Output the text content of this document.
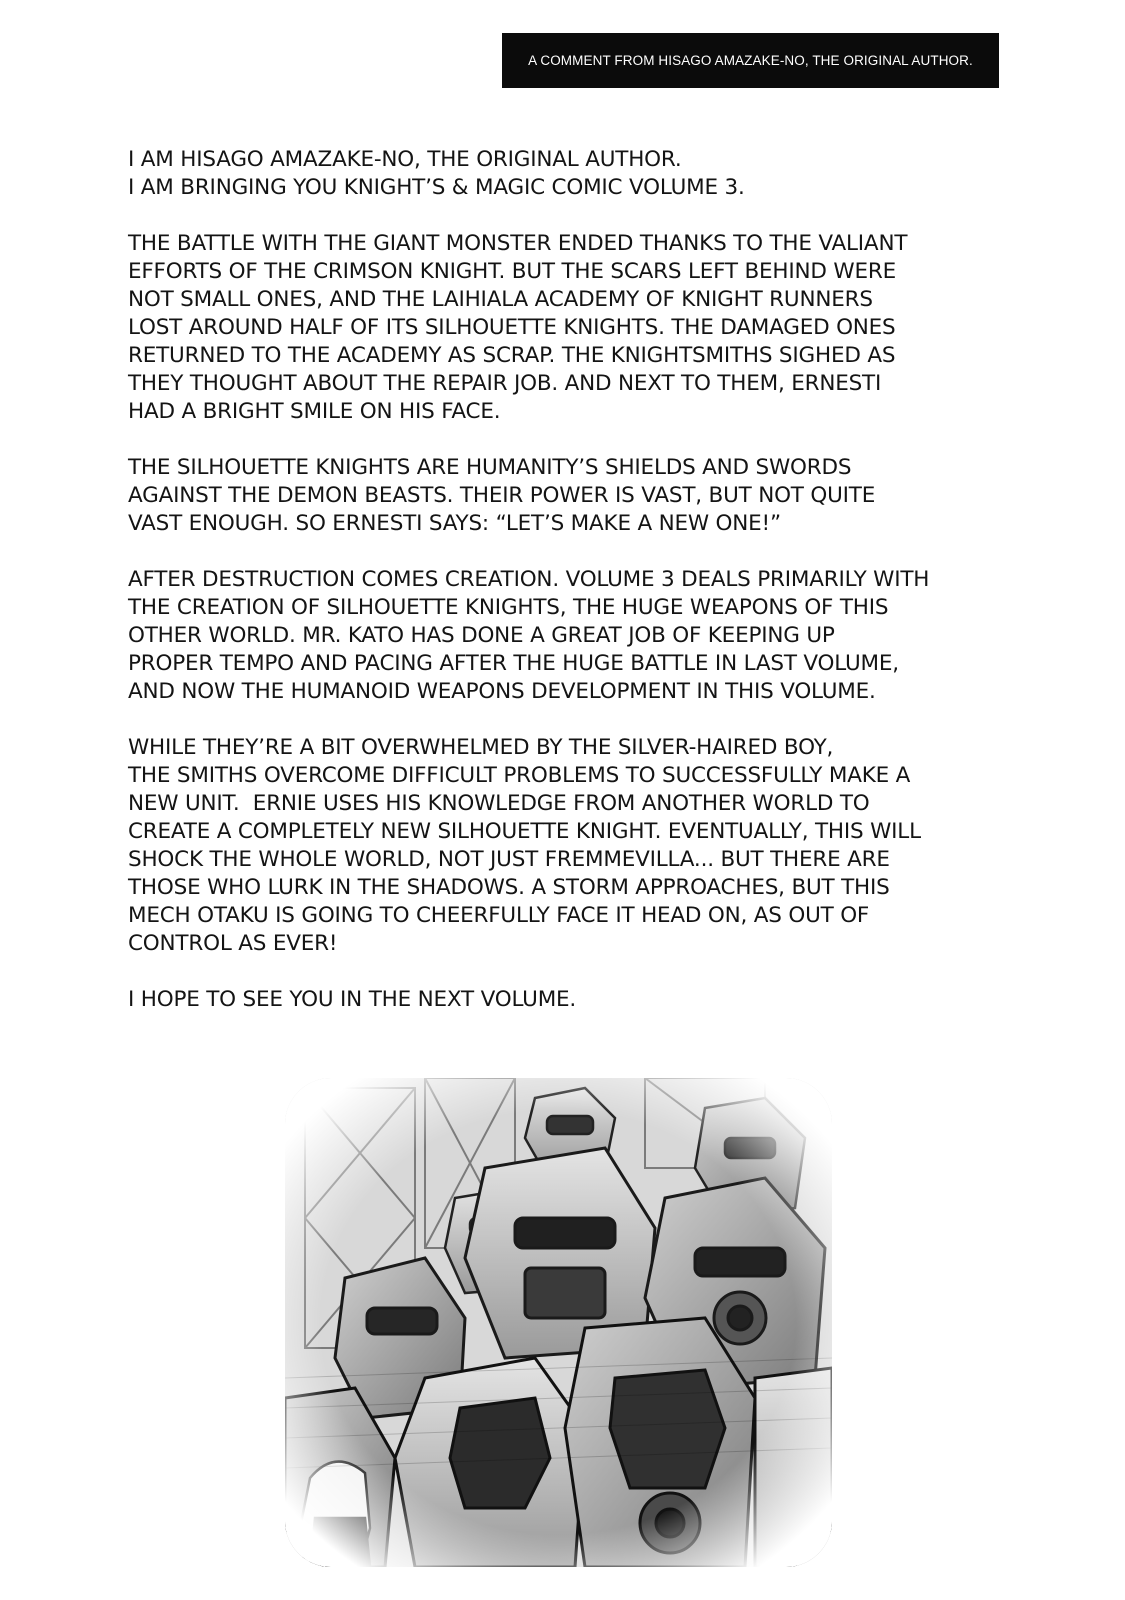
A COMMENT FROM HISAGO AMAZAKE-NO, THE ORIGINAL AUTHOR.
I AM HISAGO AMAZAKE-NO, THE ORIGINAL AUTHOR.
I AM BRINGING YOU KNIGHT’S & MAGIC COMIC VOLUME 3.
THE BATTLE WITH THE GIANT MONSTER ENDED THANKS TO THE VALIANT
EFFORTS OF THE CRIMSON KNIGHT. BUT THE SCARS LEFT BEHIND WERE
NOT SMALL ONES, AND THE LAIHIALA ACADEMY OF KNIGHT RUNNERS
LOST AROUND HALF OF ITS SILHOUETTE KNIGHTS. THE DAMAGED ONES
RETURNED TO THE ACADEMY AS SCRAP. THE KNIGHTSMITHS SIGHED AS
THEY THOUGHT ABOUT THE REPAIR JOB. AND NEXT TO THEM, ERNESTI
HAD A BRIGHT SMILE ON HIS FACE.
THE SILHOUETTE KNIGHTS ARE HUMANITY’S SHIELDS AND SWORDS
AGAINST THE DEMON BEASTS. THEIR POWER IS VAST, BUT NOT QUITE
VAST ENOUGH. SO ERNESTI SAYS: “LET’S MAKE A NEW ONE!”
AFTER DESTRUCTION COMES CREATION. VOLUME 3 DEALS PRIMARILY WITH
THE CREATION OF SILHOUETTE KNIGHTS, THE HUGE WEAPONS OF THIS
OTHER WORLD. MR. KATO HAS DONE A GREAT JOB OF KEEPING UP
PROPER TEMPO AND PACING AFTER THE HUGE BATTLE IN LAST VOLUME,
AND NOW THE HUMANOID WEAPONS DEVELOPMENT IN THIS VOLUME.
WHILE THEY’RE A BIT OVERWHELMED BY THE SILVER-HAIRED BOY,
THE SMITHS OVERCOME DIFFICULT PROBLEMS TO SUCCESSFULLY MAKE A
NEW UNIT.  ERNIE USES HIS KNOWLEDGE FROM ANOTHER WORLD TO
CREATE A COMPLETELY NEW SILHOUETTE KNIGHT. EVENTUALLY, THIS WILL
SHOCK THE WHOLE WORLD, NOT JUST FREMMEVILLA... BUT THERE ARE
THOSE WHO LURK IN THE SHADOWS. A STORM APPROACHES, BUT THIS
MECH OTAKU IS GOING TO CHEERFULLY FACE IT HEAD ON, AS OUT OF
CONTROL AS EVER!
I HOPE TO SEE YOU IN THE NEXT VOLUME.
